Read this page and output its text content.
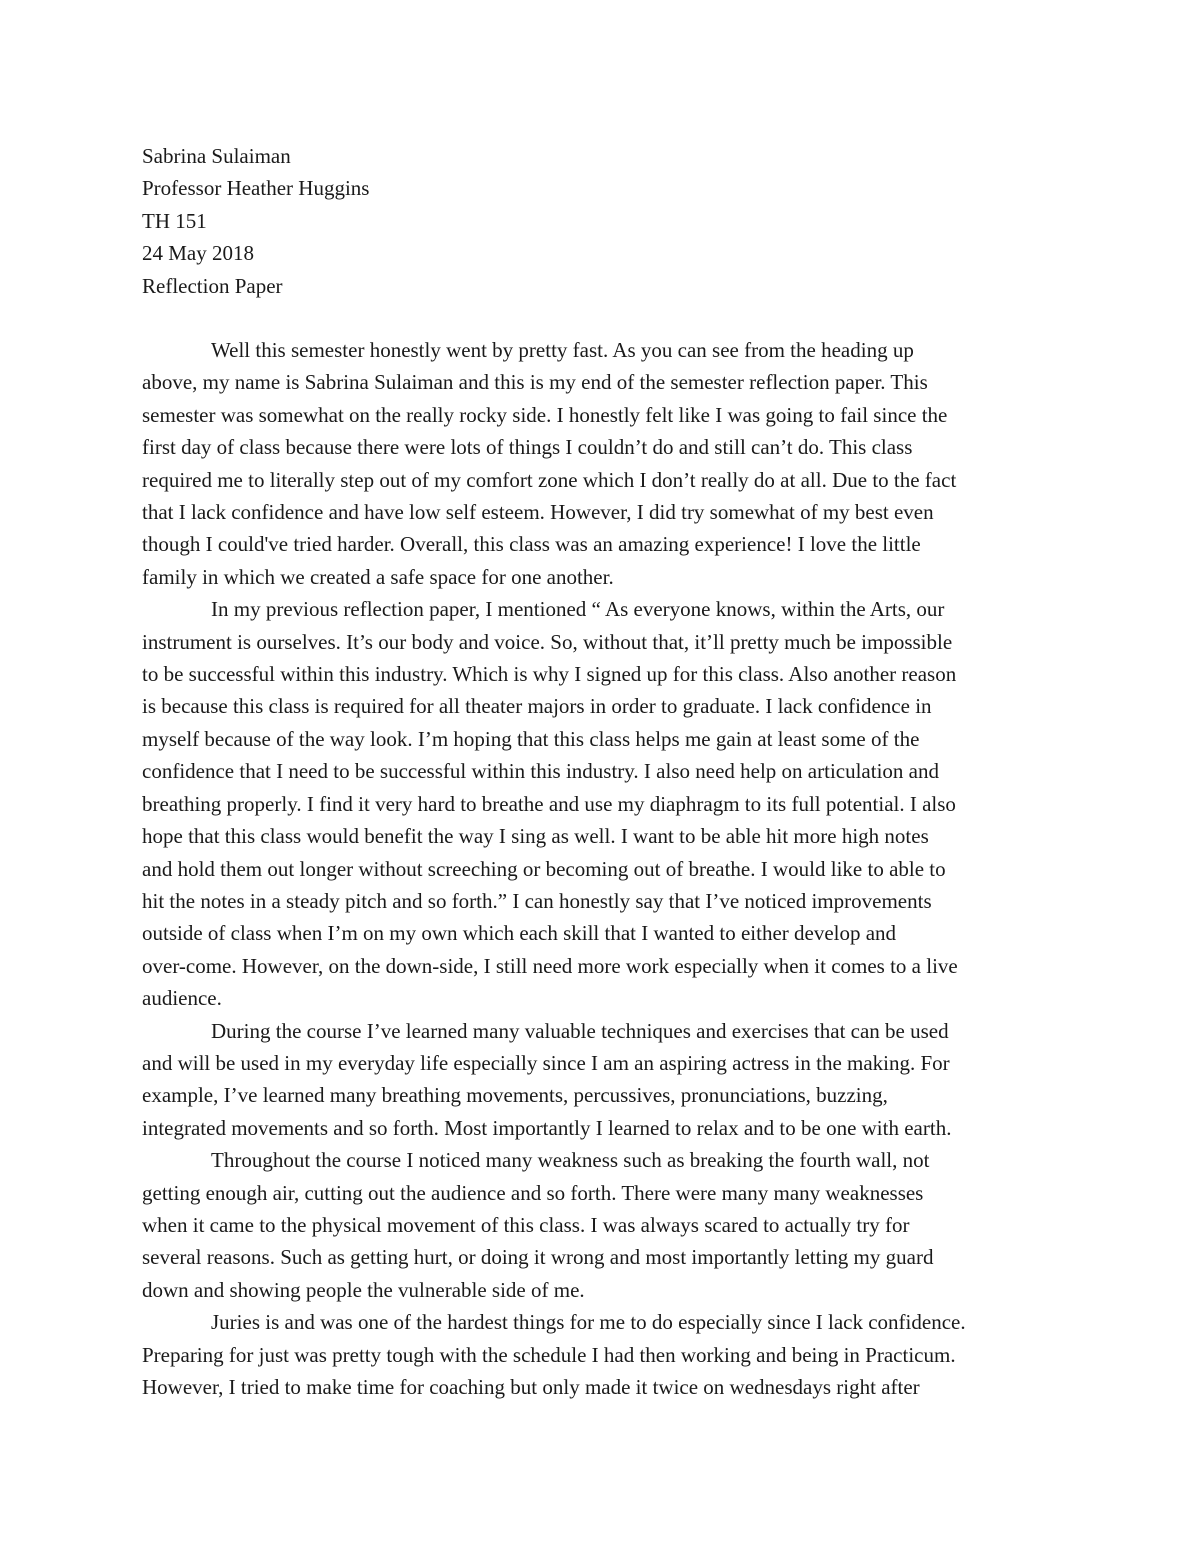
Sabrina Sulaiman
Professor Heather Huggins
TH 151
24 May 2018
Reflection Paper

Well this semester honestly went by pretty fast. As you can see from the heading up
above, my name is Sabrina Sulaiman and this is my end of the semester reflection paper. This
semester was somewhat on the really rocky side. I honestly felt like I was going to fail since the
first day of class because there were lots of things I couldn’t do and still can’t do. This class
required me to literally step out of my comfort zone which I don’t really do at all. Due to the fact
that I lack confidence and have low self esteem. However, I did try somewhat of my best even
though I could've tried harder. Overall, this class was an amazing experience! I love the little
family in which we created a safe space for one another.

In my previous reflection paper, I mentioned “ As everyone knows, within the Arts, our
instrument is ourselves. It’s our body and voice. So, without that, it’ll pretty much be impossible
to be successful within this industry. Which is why I signed up for this class. Also another reason
is because this class is required for all theater majors in order to graduate. I lack confidence in
myself because of the way look. I’m hoping that this class helps me gain at least some of the
confidence that I need to be successful within this industry. I also need help on articulation and
breathing properly. I find it very hard to breathe and use my diaphragm to its full potential. I also
hope that this class would benefit the way I sing as well. I want to be able hit more high notes
and hold them out longer without screeching or becoming out of breathe. I would like to able to
hit the notes in a steady pitch and so forth.” I can honestly say that I’ve noticed improvements
outside of class when I’m on my own which each skill that I wanted to either develop and
over-come. However, on the down-side, I still need more work especially when it comes to a live
audience.

During the course I’ve learned many valuable techniques and exercises that can be used
and will be used in my everyday life especially since I am an aspiring actress in the making. For
example, I’ve learned many breathing movements, percussives, pronunciations, buzzing,
integrated movements and so forth. Most importantly I learned to relax and to be one with earth.

Throughout the course I noticed many weakness such as breaking the fourth wall, not
getting enough air, cutting out the audience and so forth. There were many many weaknesses
when it came to the physical movement of this class. I was always scared to actually try for
several reasons. Such as getting hurt, or doing it wrong and most importantly letting my guard
down and showing people the vulnerable side of me.

Juries is and was one of the hardest things for me to do especially since I lack confidence.
Preparing for just was pretty tough with the schedule I had then working and being in Practicum.
However, I tried to make time for coaching but only made it twice on wednesdays right after
